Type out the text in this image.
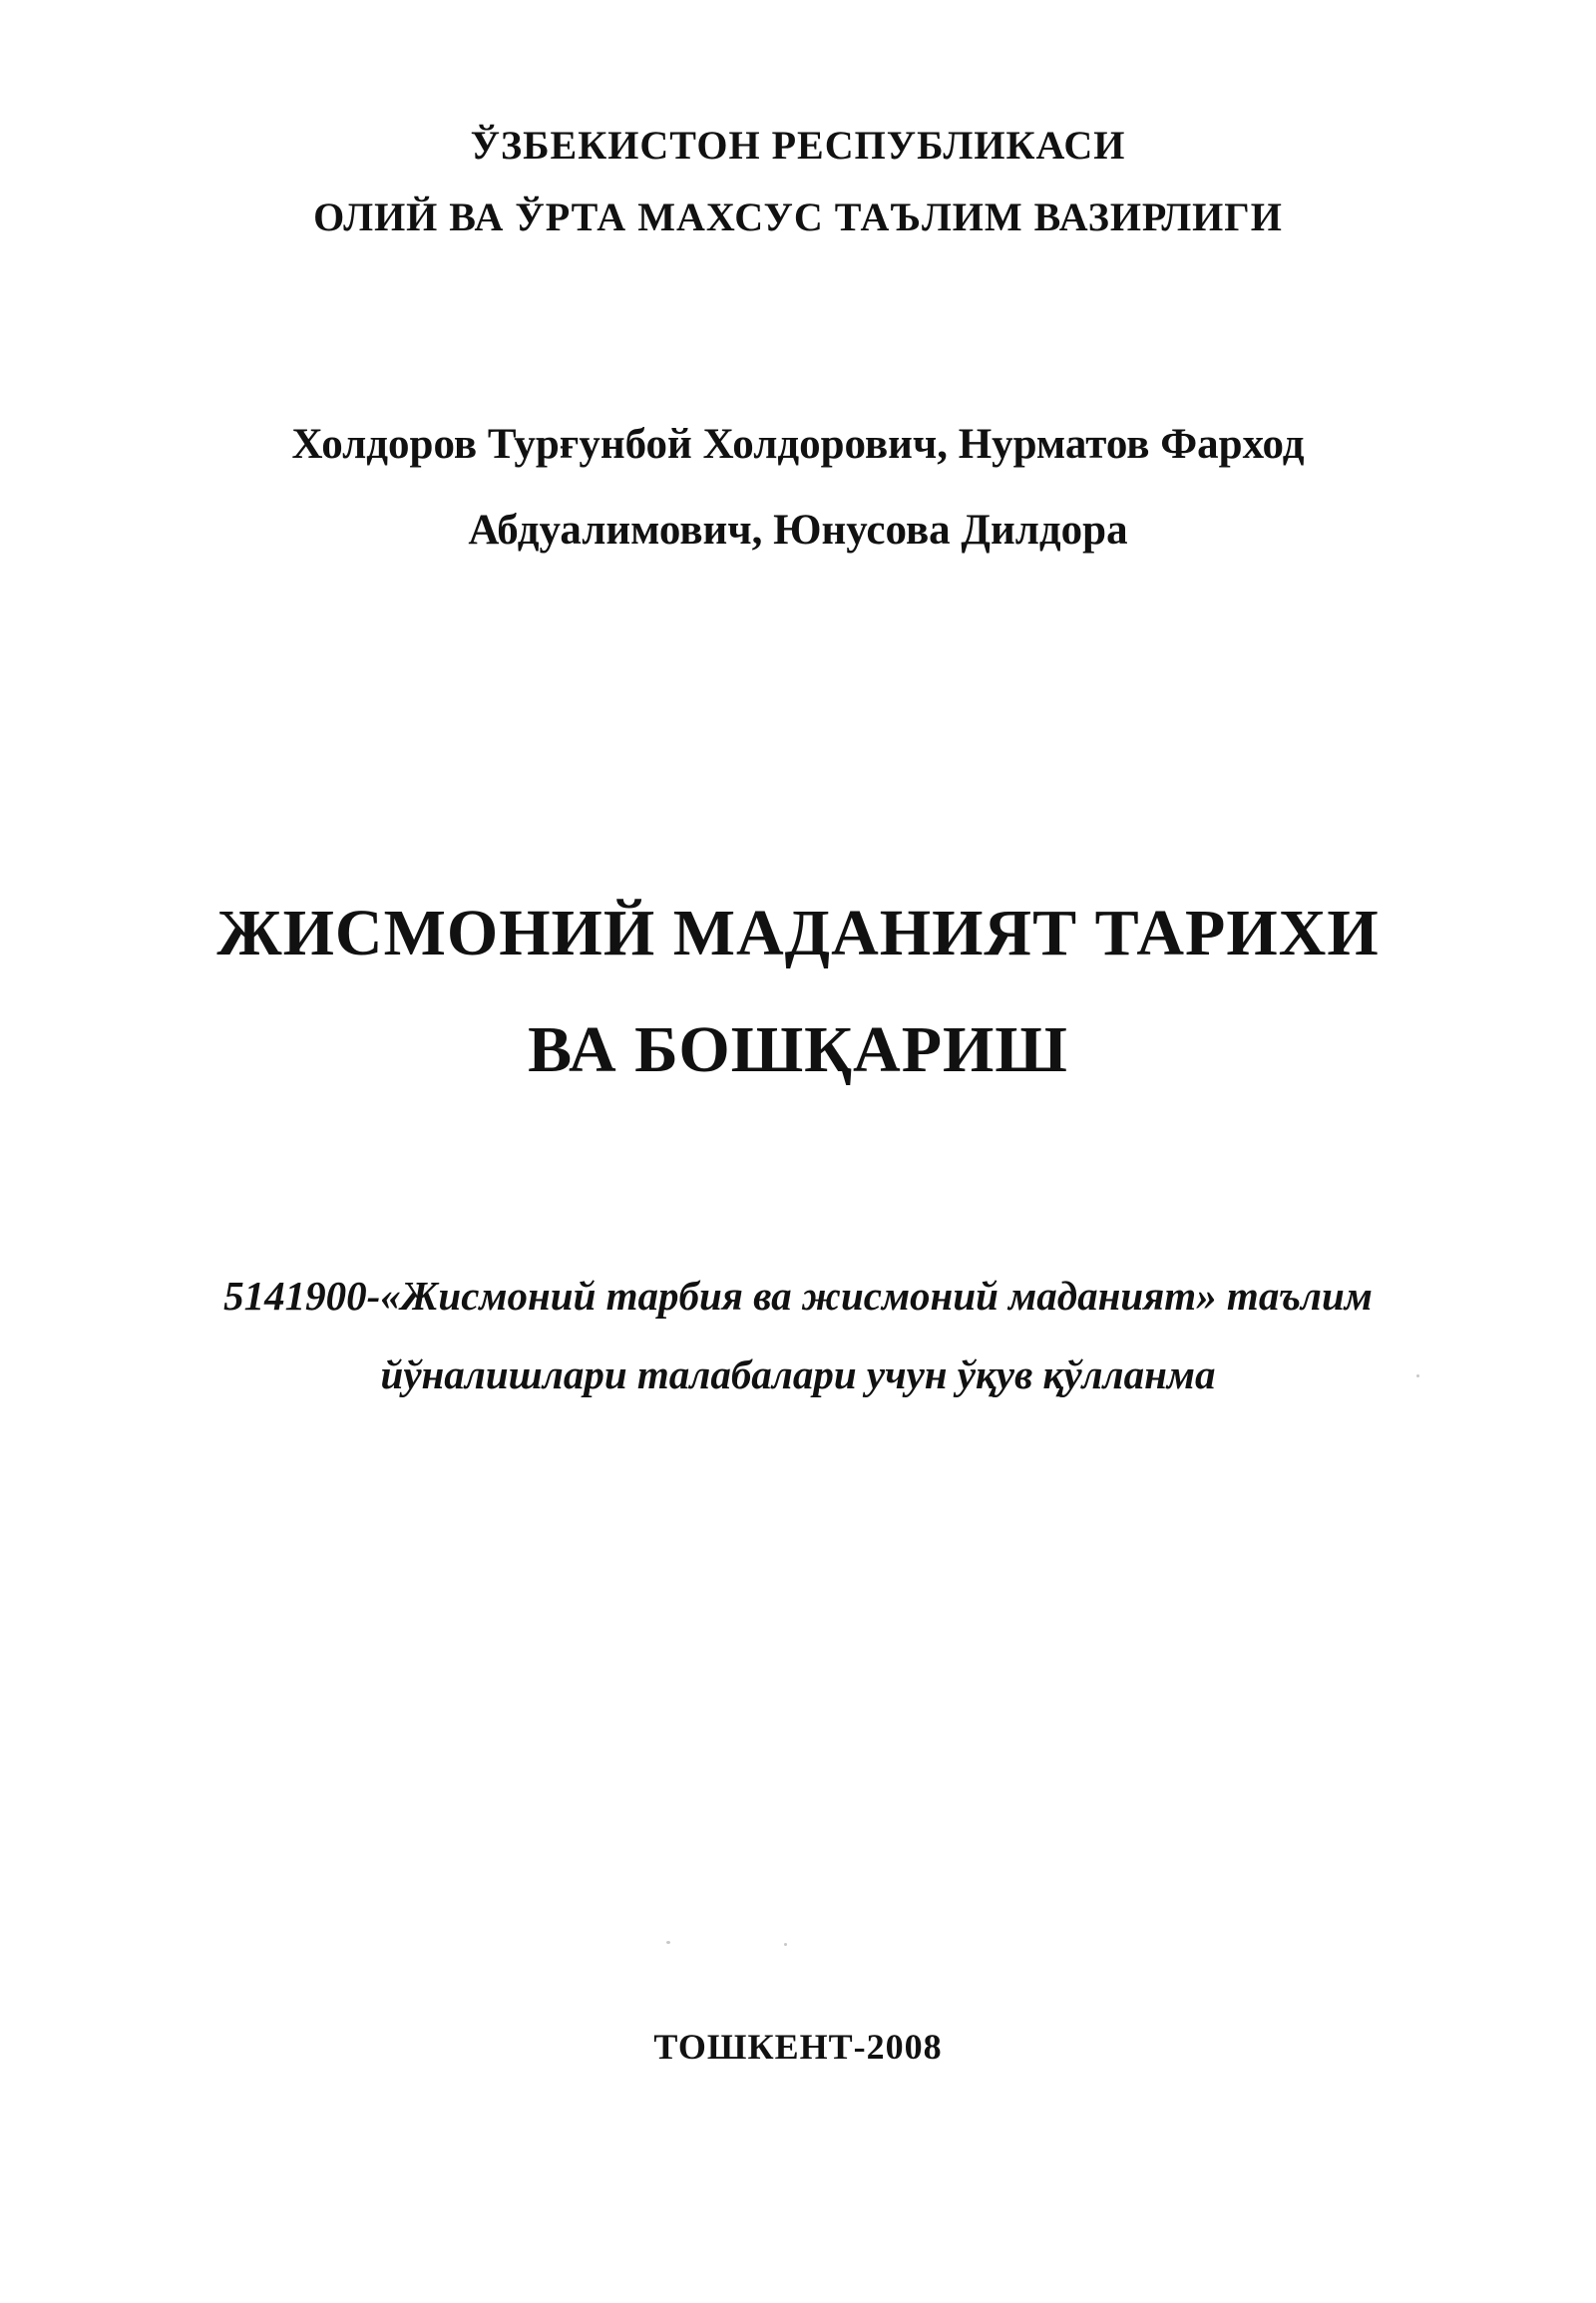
ЎЗБЕКИСТОН РЕСПУБЛИКАСИ
ОЛИЙ ВА ЎРТА МАХСУС ТАЪЛИМ ВАЗИРЛИГИ
Холдоров Турғунбой Холдорович, Нурматов Фарход
Абдуалимович, Юнусова Дилдора
ЖИСМОНИЙ МАДАНИЯТ ТАРИХИ
ВА БОШҚАРИШ
5141900-«Жисмоний тарбия ва жисмоний маданият» таълим
йўналишлари талабалари учун ўқув қўлланма
ТОШКЕНТ-2008
